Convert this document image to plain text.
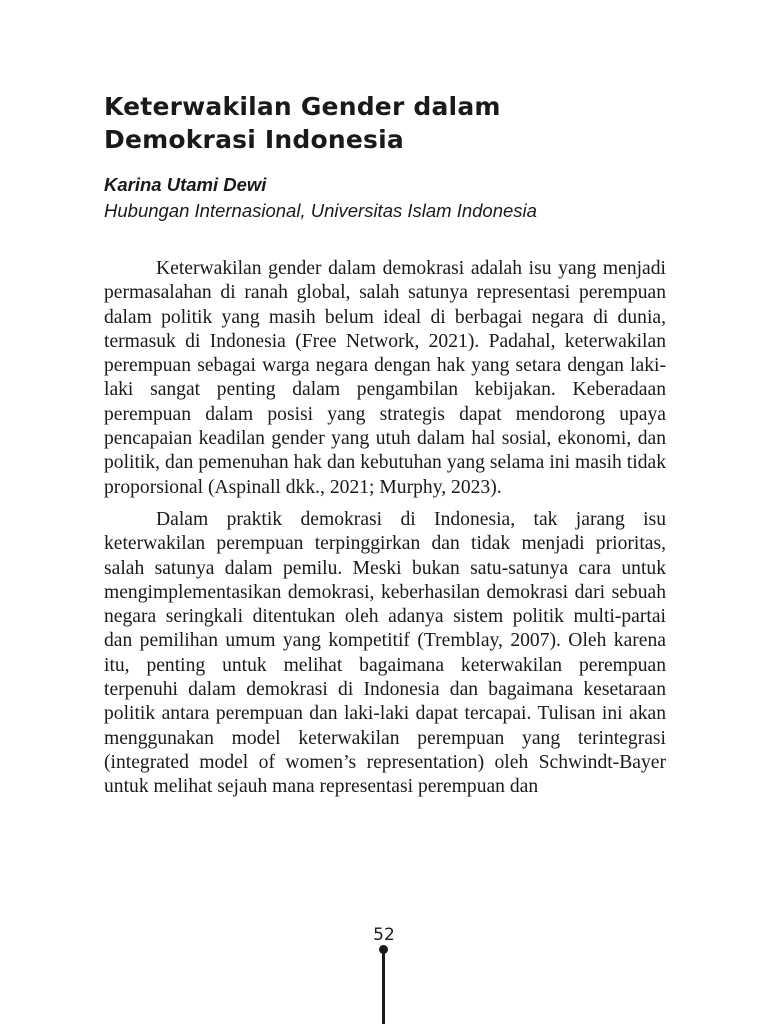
Keterwakilan Gender dalam
Demokrasi Indonesia
Karina Utami Dewi
Hubungan Internasional, Universitas Islam Indonesia

Keterwakilan gender dalam demokrasi adalah isu yang menjadi permasalahan di ranah global, salah satunya representasi perempuan dalam politik yang masih belum ideal di berbagai negara di dunia, termasuk di Indonesia (Free Network, 2021). Padahal, keterwakilan perempuan sebagai warga negara dengan hak yang setara dengan laki-laki sangat penting dalam pengambilan kebijakan. Keberadaan perempuan dalam posisi yang strategis dapat mendorong upaya pencapaian keadilan gender yang utuh dalam hal sosial, ekonomi, dan politik, dan pemenuhan hak dan kebutuhan yang selama ini masih tidak proporsional (Aspinall dkk., 2021; Murphy, 2023).

Dalam praktik demokrasi di Indonesia, tak jarang isu keterwakilan perempuan terpinggirkan dan tidak menjadi prioritas, salah satunya dalam pemilu. Meski bukan satu-satunya cara untuk mengimplementasikan demokrasi, keberhasilan demokrasi dari sebuah negara seringkali ditentukan oleh adanya sistem politik multi-partai dan pemilihan umum yang kompetitif (Tremblay, 2007). Oleh karena itu, penting untuk melihat bagaimana keterwakilan perempuan terpenuhi dalam demokrasi di Indonesia dan bagaimana kesetaraan politik antara perempuan dan laki-laki dapat tercapai. Tulisan ini akan menggunakan model keterwakilan perempuan yang terintegrasi (integrated model of women’s representation) oleh Schwindt-Bayer untuk melihat sejauh mana representasi perempuan dan

52
